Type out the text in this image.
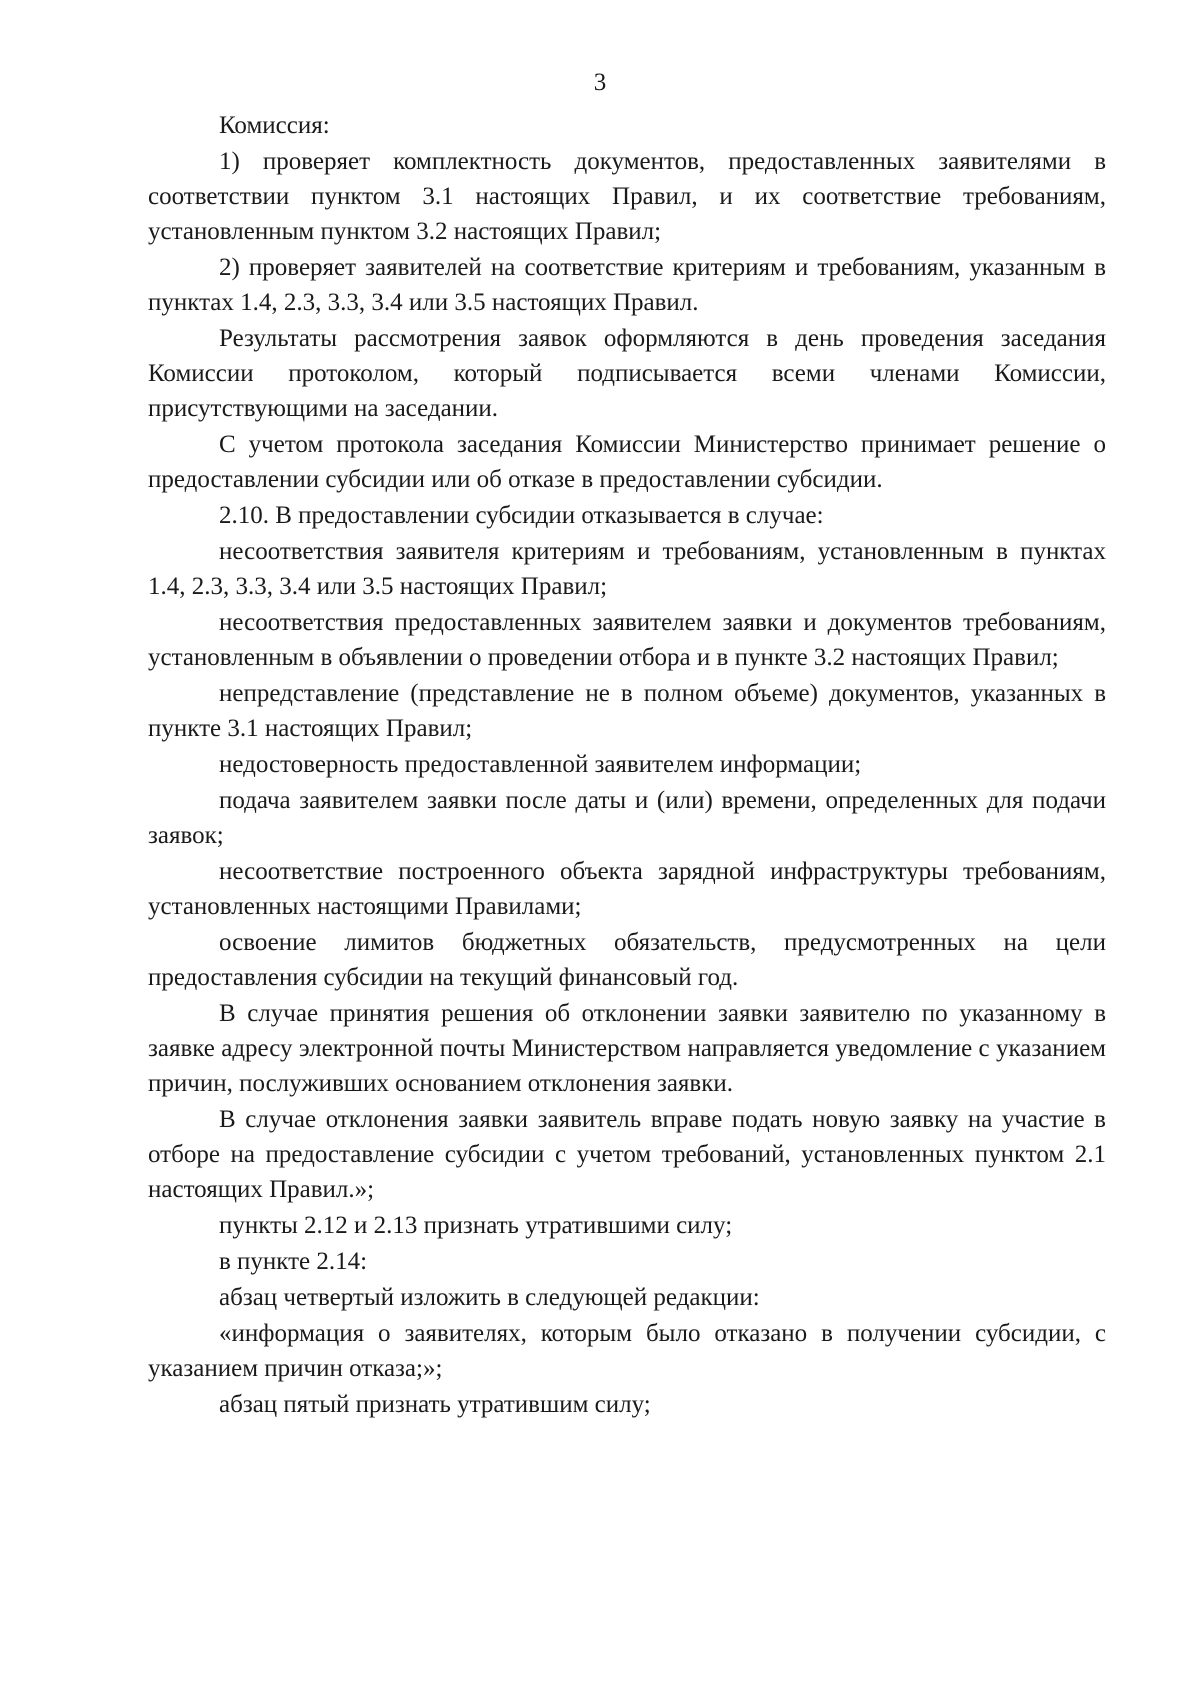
3

Комиссия:

1) проверяет комплектность документов, предоставленных заявителями в соответствии пунктом 3.1 настоящих Правил, и их соответствие требованиям, установленным пунктом 3.2 настоящих Правил;

2) проверяет заявителей на соответствие критериям и требованиям, указанным в пунктах 1.4, 2.3, 3.3, 3.4 или 3.5 настоящих Правил.

Результаты рассмотрения заявок оформляются в день проведения заседания Комиссии протоколом, который подписывается всеми членами Комиссии, присутствующими на заседании.

С учетом протокола заседания Комиссии Министерство принимает решение о предоставлении субсидии или об отказе в предоставлении субсидии.

2.10. В предоставлении субсидии отказывается в случае:

несоответствия заявителя критериям и требованиям, установленным в пунктах 1.4, 2.3, 3.3, 3.4 или 3.5 настоящих Правил;

несоответствия предоставленных заявителем заявки и документов требованиям, установленным в объявлении о проведении отбора и в пункте 3.2 настоящих Правил;

непредставление (представление не в полном объеме) документов, указанных в пункте 3.1 настоящих Правил;

недостоверность предоставленной заявителем информации;

подача заявителем заявки после даты и (или) времени, определенных для подачи заявок;

несоответствие построенного объекта зарядной инфраструктуры требованиям, установленных настоящими Правилами;

освоение лимитов бюджетных обязательств, предусмотренных на цели предоставления субсидии на текущий финансовый год.

В случае принятия решения об отклонении заявки заявителю по указанному в заявке адресу электронной почты Министерством направляется уведомление с указанием причин, послуживших основанием отклонения заявки.

В случае отклонения заявки заявитель вправе подать новую заявку на участие в отборе на предоставление субсидии с учетом требований, установленных пунктом 2.1 настоящих Правил.»;

пункты 2.12 и 2.13 признать утратившими силу;

в пункте 2.14:

абзац четвертый изложить в следующей редакции:

«информация о заявителях, которым было отказано в получении субсидии, с указанием причин отказа;»;

абзац пятый признать утратившим силу;
